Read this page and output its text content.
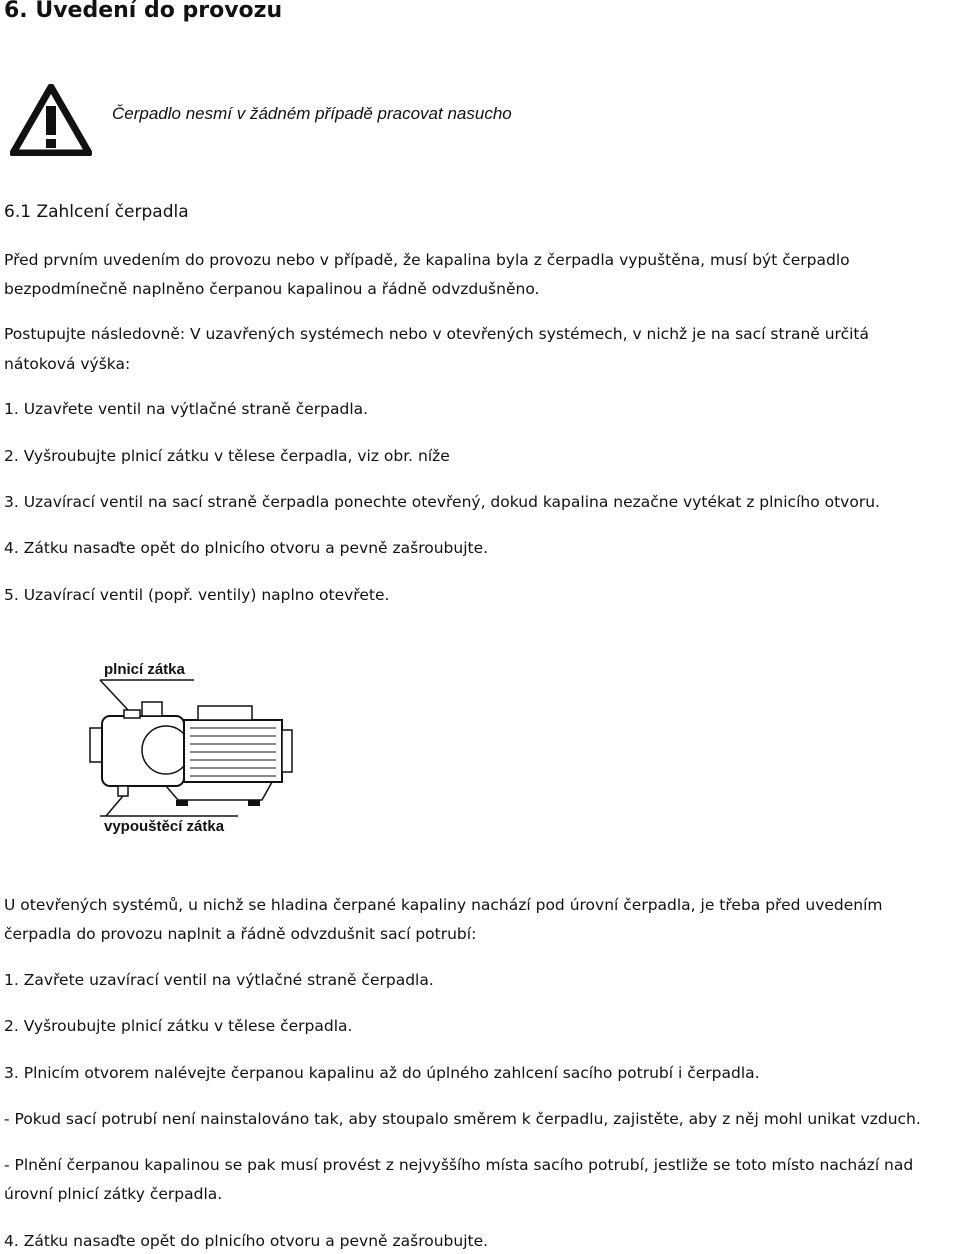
6. Uvedení do provozu
Čerpadlo nesmí v žádném případě pracovat nasucho
6.1 Zahlcení čerpadla
Před prvním uvedením do provozu nebo v případě, že kapalina byla z čerpadla vypuštěna, musí být čerpadlo
bezpodmínečně naplněno čerpanou kapalinou a řádně odvzdušněno.
Postupujte následovně: V uzavřených systémech nebo v otevřených systémech, v nichž je na sací straně určitá
nátoková výška:
1. Uzavřete ventil na výtlačné straně čerpadla.
2. Vyšroubujte plnicí zátku v tělese čerpadla, viz obr. níže
3. Uzavírací ventil na sací straně čerpadla ponechte otevřený, dokud kapalina nezačne vytékat z plnicího otvoru.
4. Zátku nasaďte opět do plnicího otvoru a pevně zašroubujte.
5. Uzavírací ventil (popř. ventily) naplno otevřete.
plnicí zátka
vypouštěcí zátka
U otevřených systémů, u nichž se hladina čerpané kapaliny nachází pod úrovní čerpadla, je třeba před uvedením
čerpadla do provozu naplnit a řádně odvzdušnit sací potrubí:
1. Zavřete uzavírací ventil na výtlačné straně čerpadla.
2. Vyšroubujte plnicí zátku v tělese čerpadla.
3. Plnicím otvorem nalévejte čerpanou kapalinu až do úplného zahlcení sacího potrubí i čerpadla.
- Pokud sací potrubí není nainstalováno tak, aby stoupalo směrem k čerpadlu, zajistěte, aby z něj mohl unikat vzduch.
- Plnění čerpanou kapalinou se pak musí provést z nejvyššího místa sacího potrubí, jestliže se toto místo nachází nad
úrovní plnicí zátky čerpadla.
4. Zátku nasaďte opět do plnicího otvoru a pevně zašroubujte.
